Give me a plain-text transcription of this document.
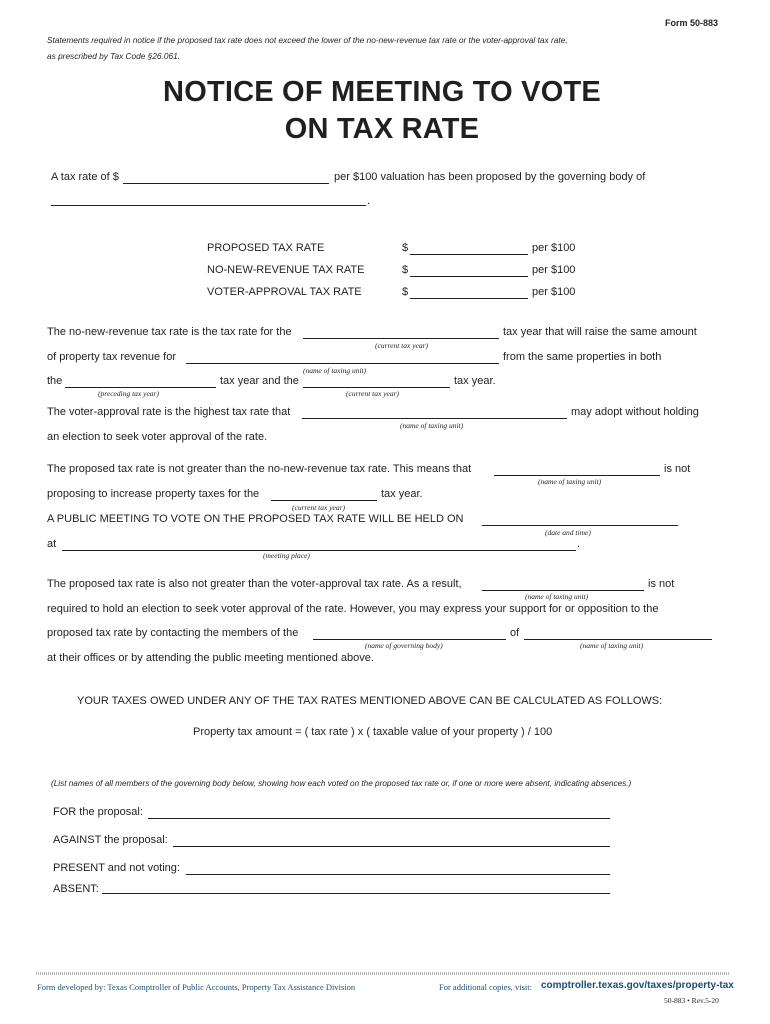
Form 50-883
Statements required in notice if the proposed tax rate does not exceed the lower of the no-new-revenue tax rate or the voter-approval tax rate,
as prescribed by Tax Code §26.061.
NOTICE OF MEETING TO VOTE
ON TAX RATE
A tax rate of $	per $100 valuation has been proposed by the governing body of
.
PROPOSED TAX RATE	$	per $100
NO-NEW-REVENUE TAX RATE	$	per $100
VOTER-APPROVAL TAX RATE	$	per $100
The no-new-revenue tax rate is the tax rate for the	tax year that will raise the same amount
(current tax year)
of property tax revenue for	from the same properties in both
(name of taxing unit)
the	tax year and the	tax year.
(preceding tax year)	(current tax year)
The voter-approval rate is the highest tax rate that	may adopt without holding
(name of taxing unit)
an election to seek voter approval of the rate.
The proposed tax rate is not greater than the no-new-revenue tax rate. This means that	is not
(name of taxing unit)
proposing to increase property taxes for the	tax year.
(current tax year)
A PUBLIC MEETING TO VOTE ON THE PROPOSED TAX RATE WILL BE HELD ON
(date and time)
at	.
(meeting place)
The proposed tax rate is also not greater than the voter-approval tax rate. As a result,	is not
(name of taxing unit)
required to hold an election to seek voter approval of the rate. However, you may express your support for or opposition to the
proposed tax rate by contacting the members of the	of
(name of governing body)	(name of taxing unit)
at their offices or by attending the public meeting mentioned above.
YOUR TAXES OWED UNDER ANY OF THE TAX RATES MENTIONED ABOVE CAN BE CALCULATED AS FOLLOWS:
Property tax amount = ( tax rate ) x ( taxable value of your property ) / 100
(List names of all members of the governing body below, showing how each voted on the proposed tax rate or, if one or more were absent, indicating absences.)
FOR the proposal:
AGAINST the proposal:
PRESENT and not voting:
ABSENT:
Form developed by: Texas Comptroller of Public Accounts, Property Tax Assistance Division	For additional copies, visit: comptroller.texas.gov/taxes/property-tax
50-883 • Rev.5-20
